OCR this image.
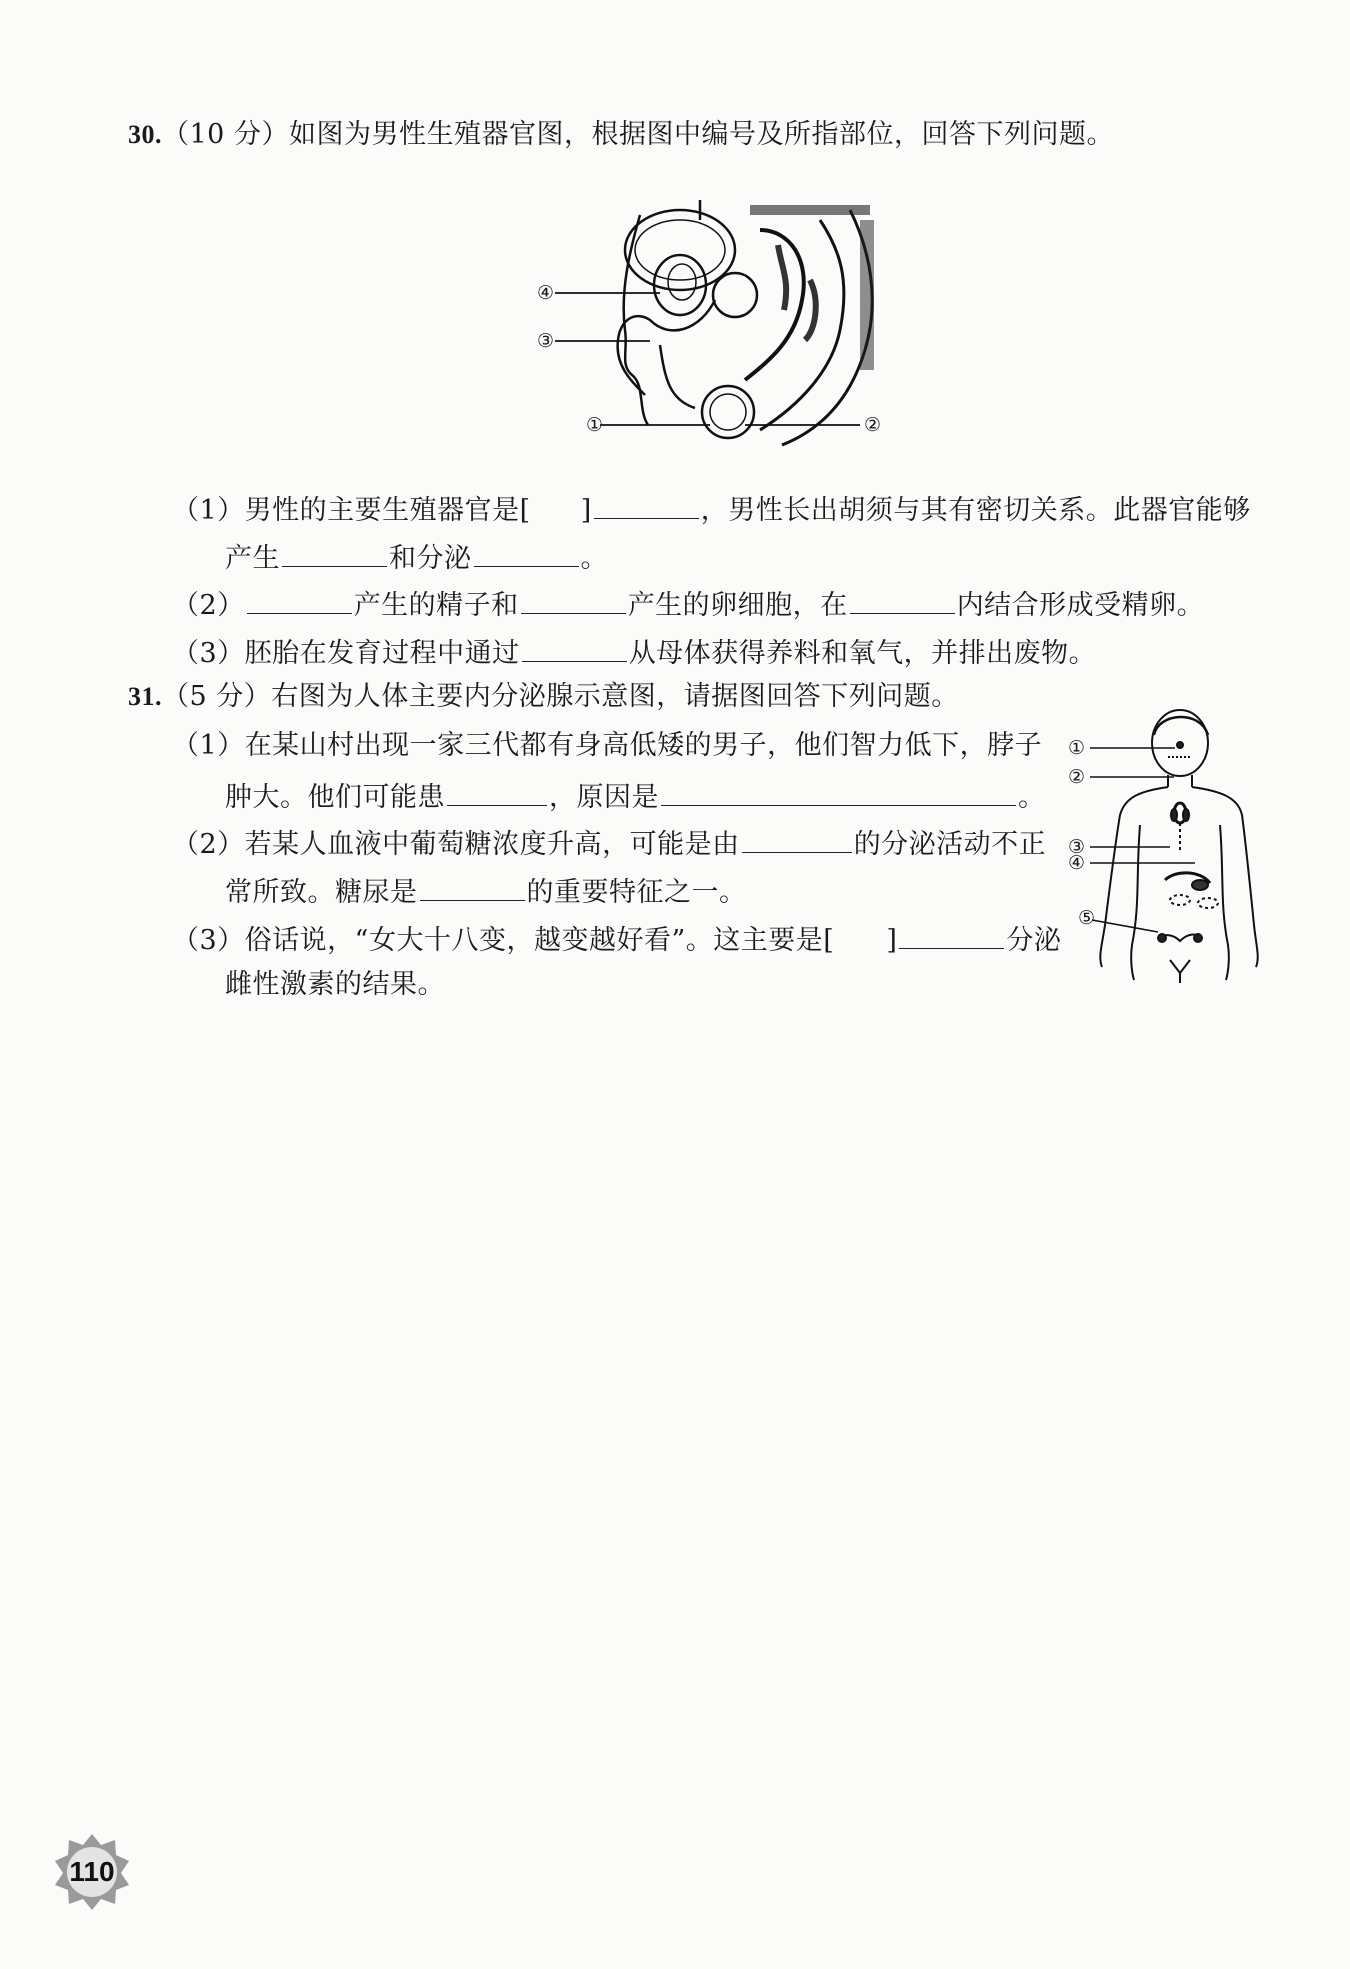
30.（10 分）如图为男性生殖器官图，根据图中编号及所指部位，回答下列问题。
④
③
①	②
（1）男性的主要生殖器官是[ ]	，男性长出胡须与其有密切关系。此器官能够
产生	和分泌	。
（2）	产生的精子和	产生的卵细胞，在	内结合形成受精卵。
（3）胚胎在发育过程中通过	从母体获得养料和氧气，并排出废物。
31.（5 分）右图为人体主要内分泌腺示意图，请据图回答下列问题。
（1）在某山村出现一家三代都有身高低矮的男子，他们智力低下，脖子
肿大。他们可能患	，原因是	。
（2）若某人血液中葡萄糖浓度升高，可能是由	的分泌活动不正
常所致。糖尿是	的重要特征之一。
（3）俗话说，“女大十八变，越变越好看”。这主要是[ ]	分泌
雌性激素的结果。
①
②
③
④
⑤
110
